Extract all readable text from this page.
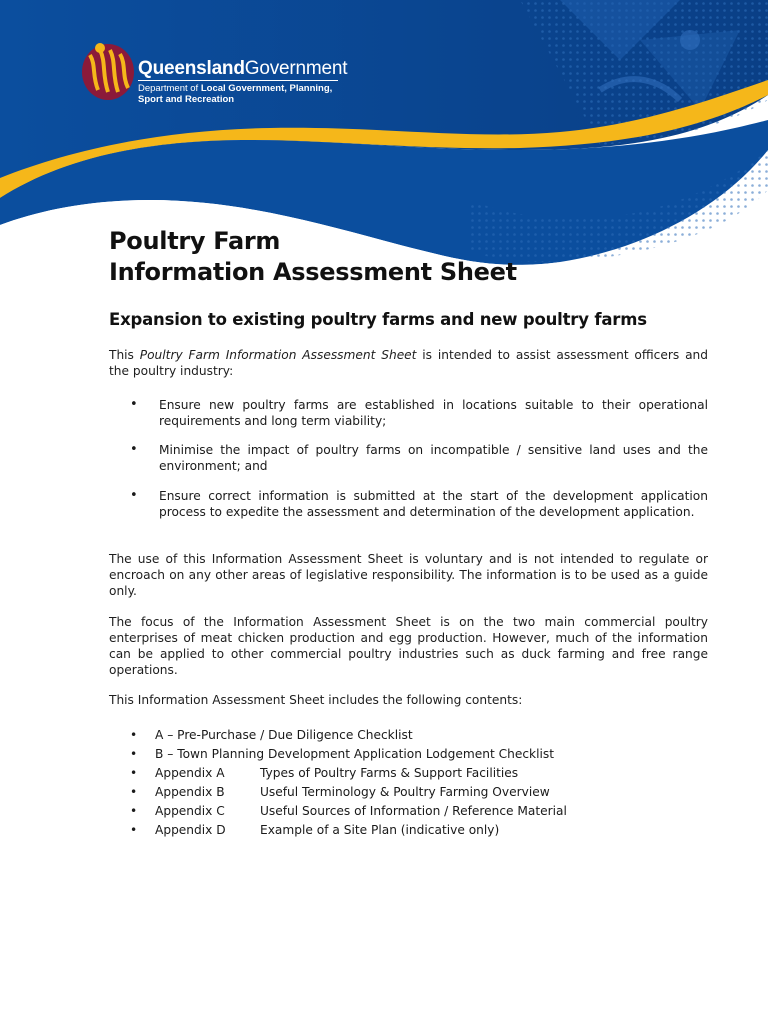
QueenslandGovernment
Department of Local Government, Planning,
Sport and Recreation
Poultry Farm
Information Assessment Sheet
Expansion to existing poultry farms and new poultry farms
This Poultry Farm Information Assessment Sheet is intended to assist assessment officers and the poultry industry:
• Ensure new poultry farms are established in locations suitable to their operational requirements and long term viability;
• Minimise the impact of poultry farms on incompatible / sensitive land uses and the environment; and
• Ensure correct information is submitted at the start of the development application process to expedite the assessment and determination of the development application.
The use of this Information Assessment Sheet is voluntary and is not intended to regulate or encroach on any other areas of legislative responsibility. The information is to be used as a guide only.
The focus of the Information Assessment Sheet is on the two main commercial poultry enterprises of meat chicken production and egg production. However, much of the information can be applied to other commercial poultry industries such as duck farming and free range operations.
This Information Assessment Sheet includes the following contents:
• A – Pre-Purchase / Due Diligence Checklist
• B – Town Planning Development Application Lodgement Checklist
• Appendix A	Types of Poultry Farms & Support Facilities
• Appendix B	Useful Terminology & Poultry Farming Overview
• Appendix C	Useful Sources of Information / Reference Material
• Appendix D	Example of a Site Plan (indicative only)
